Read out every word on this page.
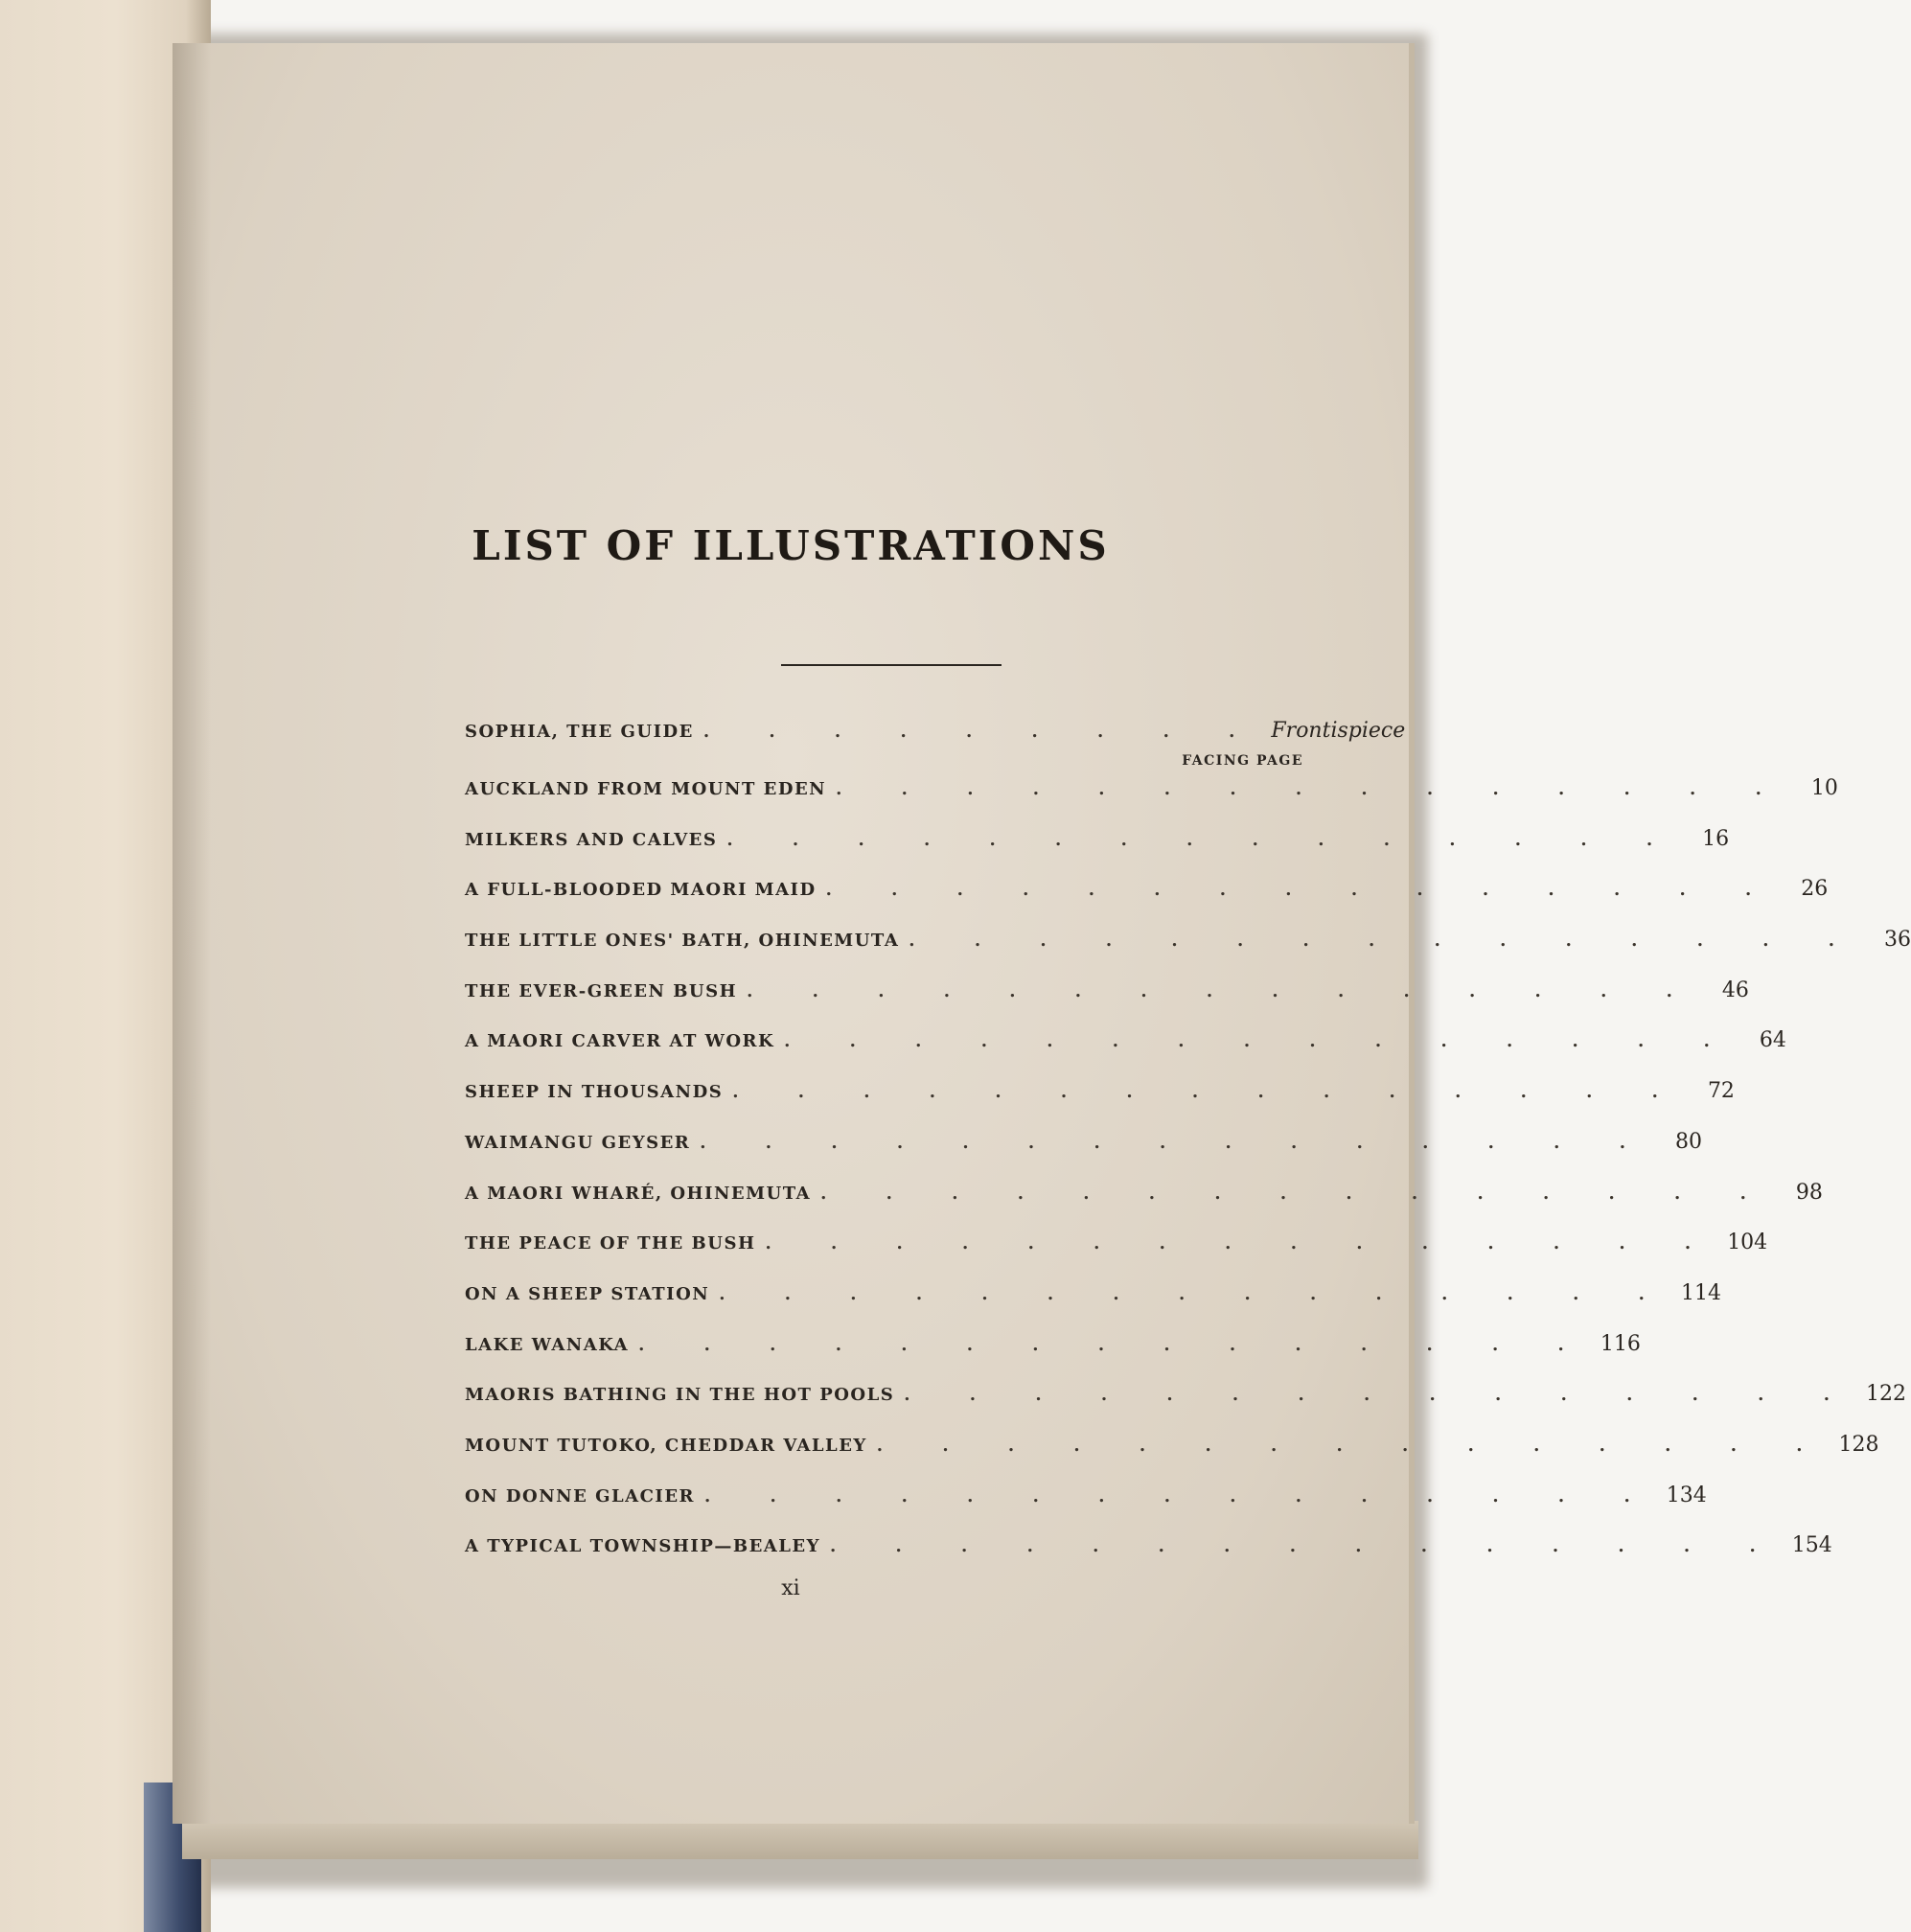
LIST OF ILLUSTRATIONS
SOPHIA, THE GUIDE . . . . . . . . . Frontispiece
FACING PAGE
AUCKLAND FROM MOUNT EDEN . . . . . . . . . . . . . . .	10
MILKERS AND CALVES . . . . . . . . . . . . . . .	16
A FULL-BLOODED MAORI MAID . . . . . . . . . . . . . . .	26
THE LITTLE ONES' BATH, OHINEMUTA . . . . . . . . . . . . . . .	36
THE EVER-GREEN BUSH . . . . . . . . . . . . . . .	46
A MAORI CARVER AT WORK . . . . . . . . . . . . . . .	64
SHEEP IN THOUSANDS . . . . . . . . . . . . . . .	72
WAIMANGU GEYSER . . . . . . . . . . . . . . .	80
A MAORI WHARÉ, OHINEMUTA . . . . . . . . . . . . . . .	98
THE PEACE OF THE BUSH . . . . . . . . . . . . . . . 104
ON A SHEEP STATION . . . . . . . . . . . . . . . 114
LAKE WANAKA . . . . . . . . . . . . . . . 116
MAORIS BATHING IN THE HOT POOLS . . . . . . . . . . . . . . . 122
MOUNT TUTOKO, CHEDDAR VALLEY . . . . . . . . . . . . . . . 128
ON DONNE GLACIER . . . . . . . . . . . . . . . 134
A TYPICAL TOWNSHIP—BEALEY . . . . . . . . . . . . . . . 154
xi
